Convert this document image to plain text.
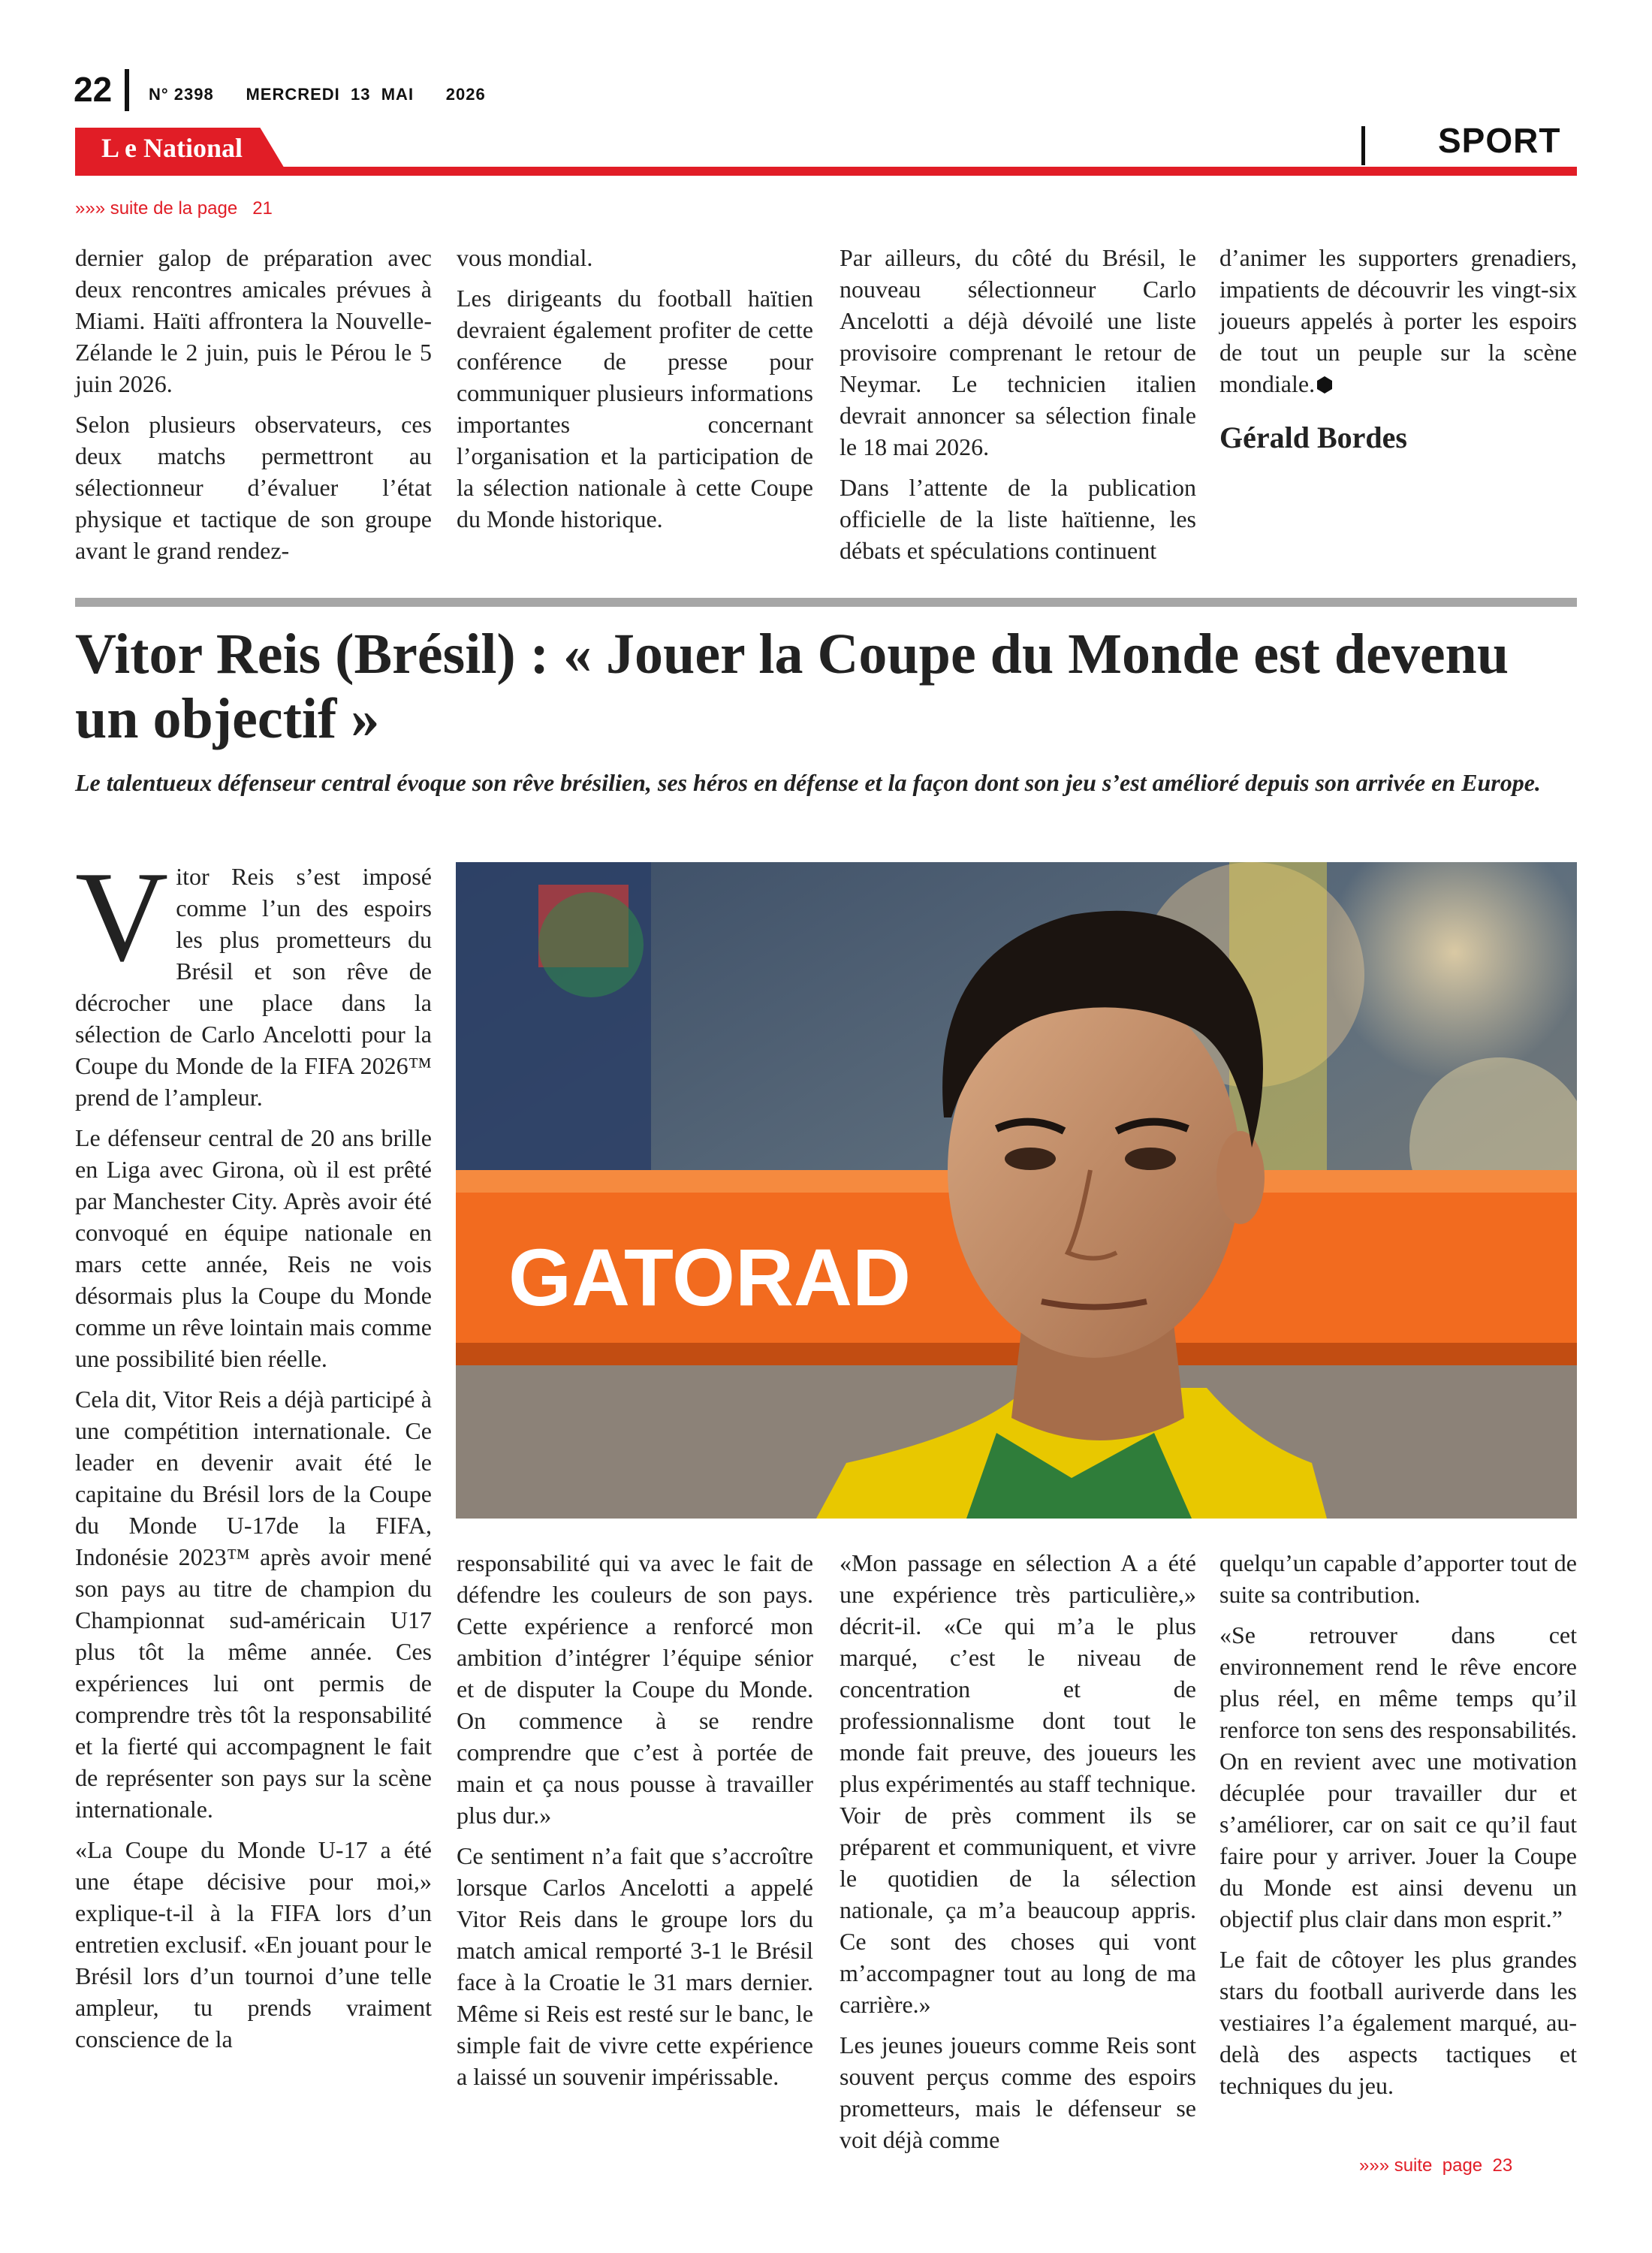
22 N° 2398 MERCREDI 13 MAI 2026
L e National	SPORT
»»» suite de la page 21

dernier galop de préparation avec deux rencontres amicales prévues à Miami. Haïti affrontera la Nouvelle-Zélande le 2 juin, puis le Pérou le 5 juin 2026.

Selon plusieurs observateurs, ces deux matchs permettront au sélectionneur d’évaluer l’état physique et tactique de son groupe avant le grand rendez-

vous mondial.

Les dirigeants du football haïtien devraient également profiter de cette conférence de presse pour communiquer plusieurs informations importantes concernant l’organisation et la participation de la sélection nationale à cette Coupe du Monde historique.

Par ailleurs, du côté du Brésil, le nouveau sélectionneur Carlo Ancelotti a déjà dévoilé une liste provisoire comprenant le retour de Neymar. Le technicien italien devrait annoncer sa sélection finale le 18 mai 2026.

Dans l’attente de la publication officielle de la liste haïtienne, les débats et spéculations continuent

d’animer les supporters grenadiers, impatients de découvrir les vingt-six joueurs appelés à porter les espoirs de tout un peuple sur la scène mondiale.

Gérald Bordes
Vitor Reis (Brésil) : « Jouer la Coupe du Monde est devenu un objectif »

Le talentueux défenseur central évoque son rêve brésilien, ses héros en défense et la façon dont son jeu s’est amélioré depuis son arrivée en Europe.

GATORAD

Vitor Reis s’est imposé comme l’un des espoirs les plus prometteurs du Brésil et son rêve de décrocher une place dans la sélection de Carlo Ancelotti pour la Coupe du Monde de la FIFA 2026™ prend de l’ampleur.

Le défenseur central de 20 ans brille en Liga avec Girona, où il est prêté par Manchester City. Après avoir été convoqué en équipe nationale en mars cette année, Reis ne vois désormais plus la Coupe du Monde comme un rêve lointain mais comme une possibilité bien réelle.

Cela dit, Vitor Reis a déjà participé à une compétition internationale. Ce leader en devenir avait été le capitaine du Brésil lors de la Coupe du Monde U-17de la FIFA, Indonésie 2023™ après avoir mené son pays au titre de champion du Championnat sud-américain U17 plus tôt la même année. Ces expériences lui ont permis de comprendre très tôt la responsabilité et la fierté qui accompagnent le fait de représenter son pays sur la scène internationale.

«La Coupe du Monde U-17 a été une étape décisive pour moi,» explique-t-il à la FIFA lors d’un entretien exclusif. «En jouant pour le Brésil lors d’un tournoi d’une telle ampleur, tu prends vraiment conscience de la

responsabilité qui va avec le fait de défendre les couleurs de son pays. Cette expérience a renforcé mon ambition d’intégrer l’équipe sénior et de disputer la Coupe du Monde. On commence à se rendre comprendre que c’est à portée de main et ça nous pousse à travailler plus dur.»

Ce sentiment n’a fait que s’accroître lorsque Carlos Ancelotti a appelé Vitor Reis dans le groupe lors du match amical remporté 3-1 le Brésil face à la Croatie le 31 mars dernier. Même si Reis est resté sur le banc, le simple fait de vivre cette expérience a laissé un souvenir impérissable.

«Mon passage en sélection A a été une expérience très particulière,» décrit-il. «Ce qui m’a le plus marqué, c’est le niveau de concentration et de professionnalisme dont tout le monde fait preuve, des joueurs les plus expérimentés au staff technique. Voir de près comment ils se préparent et communiquent, et vivre le quotidien de la sélection nationale, ça m’a beaucoup appris. Ce sont des choses qui vont m’accompagner tout au long de ma carrière.»

Les jeunes joueurs comme Reis sont souvent perçus comme des espoirs prometteurs, mais le défenseur se voit déjà comme

quelqu’un capable d’apporter tout de suite sa contribution.

«Se retrouver dans cet environnement rend le rêve encore plus réel, en même temps qu’il renforce ton sens des responsabilités. On en revient avec une motivation décuplée pour travailler dur et s’améliorer, car on sait ce qu’il faut faire pour y arriver. Jouer la Coupe du Monde est ainsi devenu un objectif plus clair dans mon esprit.”

Le fait de côtoyer les plus grandes stars du football auriverde dans les vestiaires l’a également marqué, au-delà des aspects tactiques et techniques du jeu.

»»» suite  page 23
